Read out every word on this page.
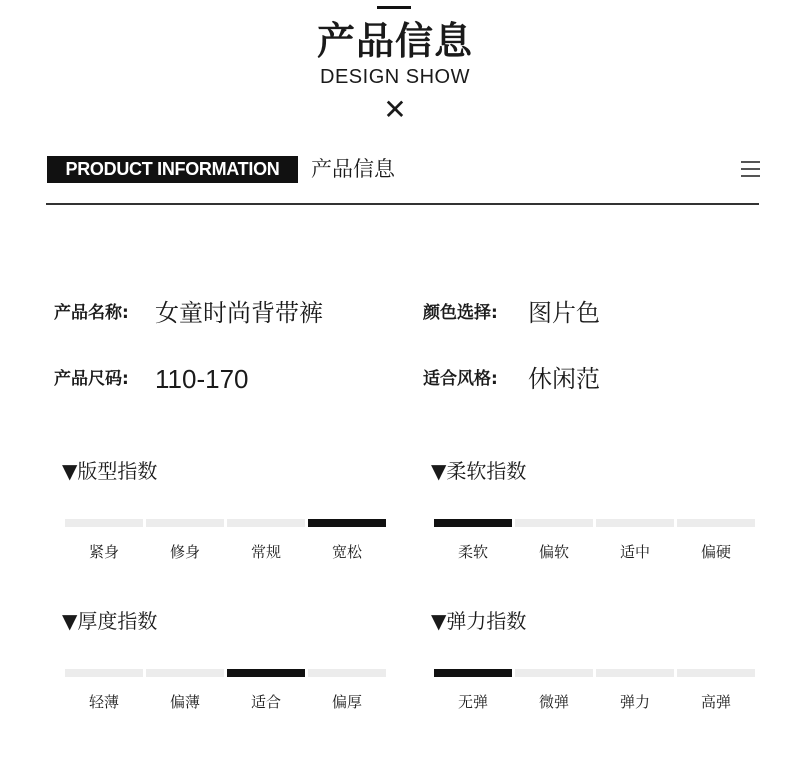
产品信息
DESIGN SHOW
✕
PRODUCT INFORMATION	产品信息
产品名称: 女童时尚背带裤	颜色选择: 图片色
产品尺码: 110-170	适合风格: 休闲范
▼版型指数
紧身	修身	常规	宽松
▼柔软指数
柔软	偏软	适中	偏硬
▼厚度指数
轻薄	偏薄	适合	偏厚
▼弹力指数
无弹	微弹	弹力	高弹
